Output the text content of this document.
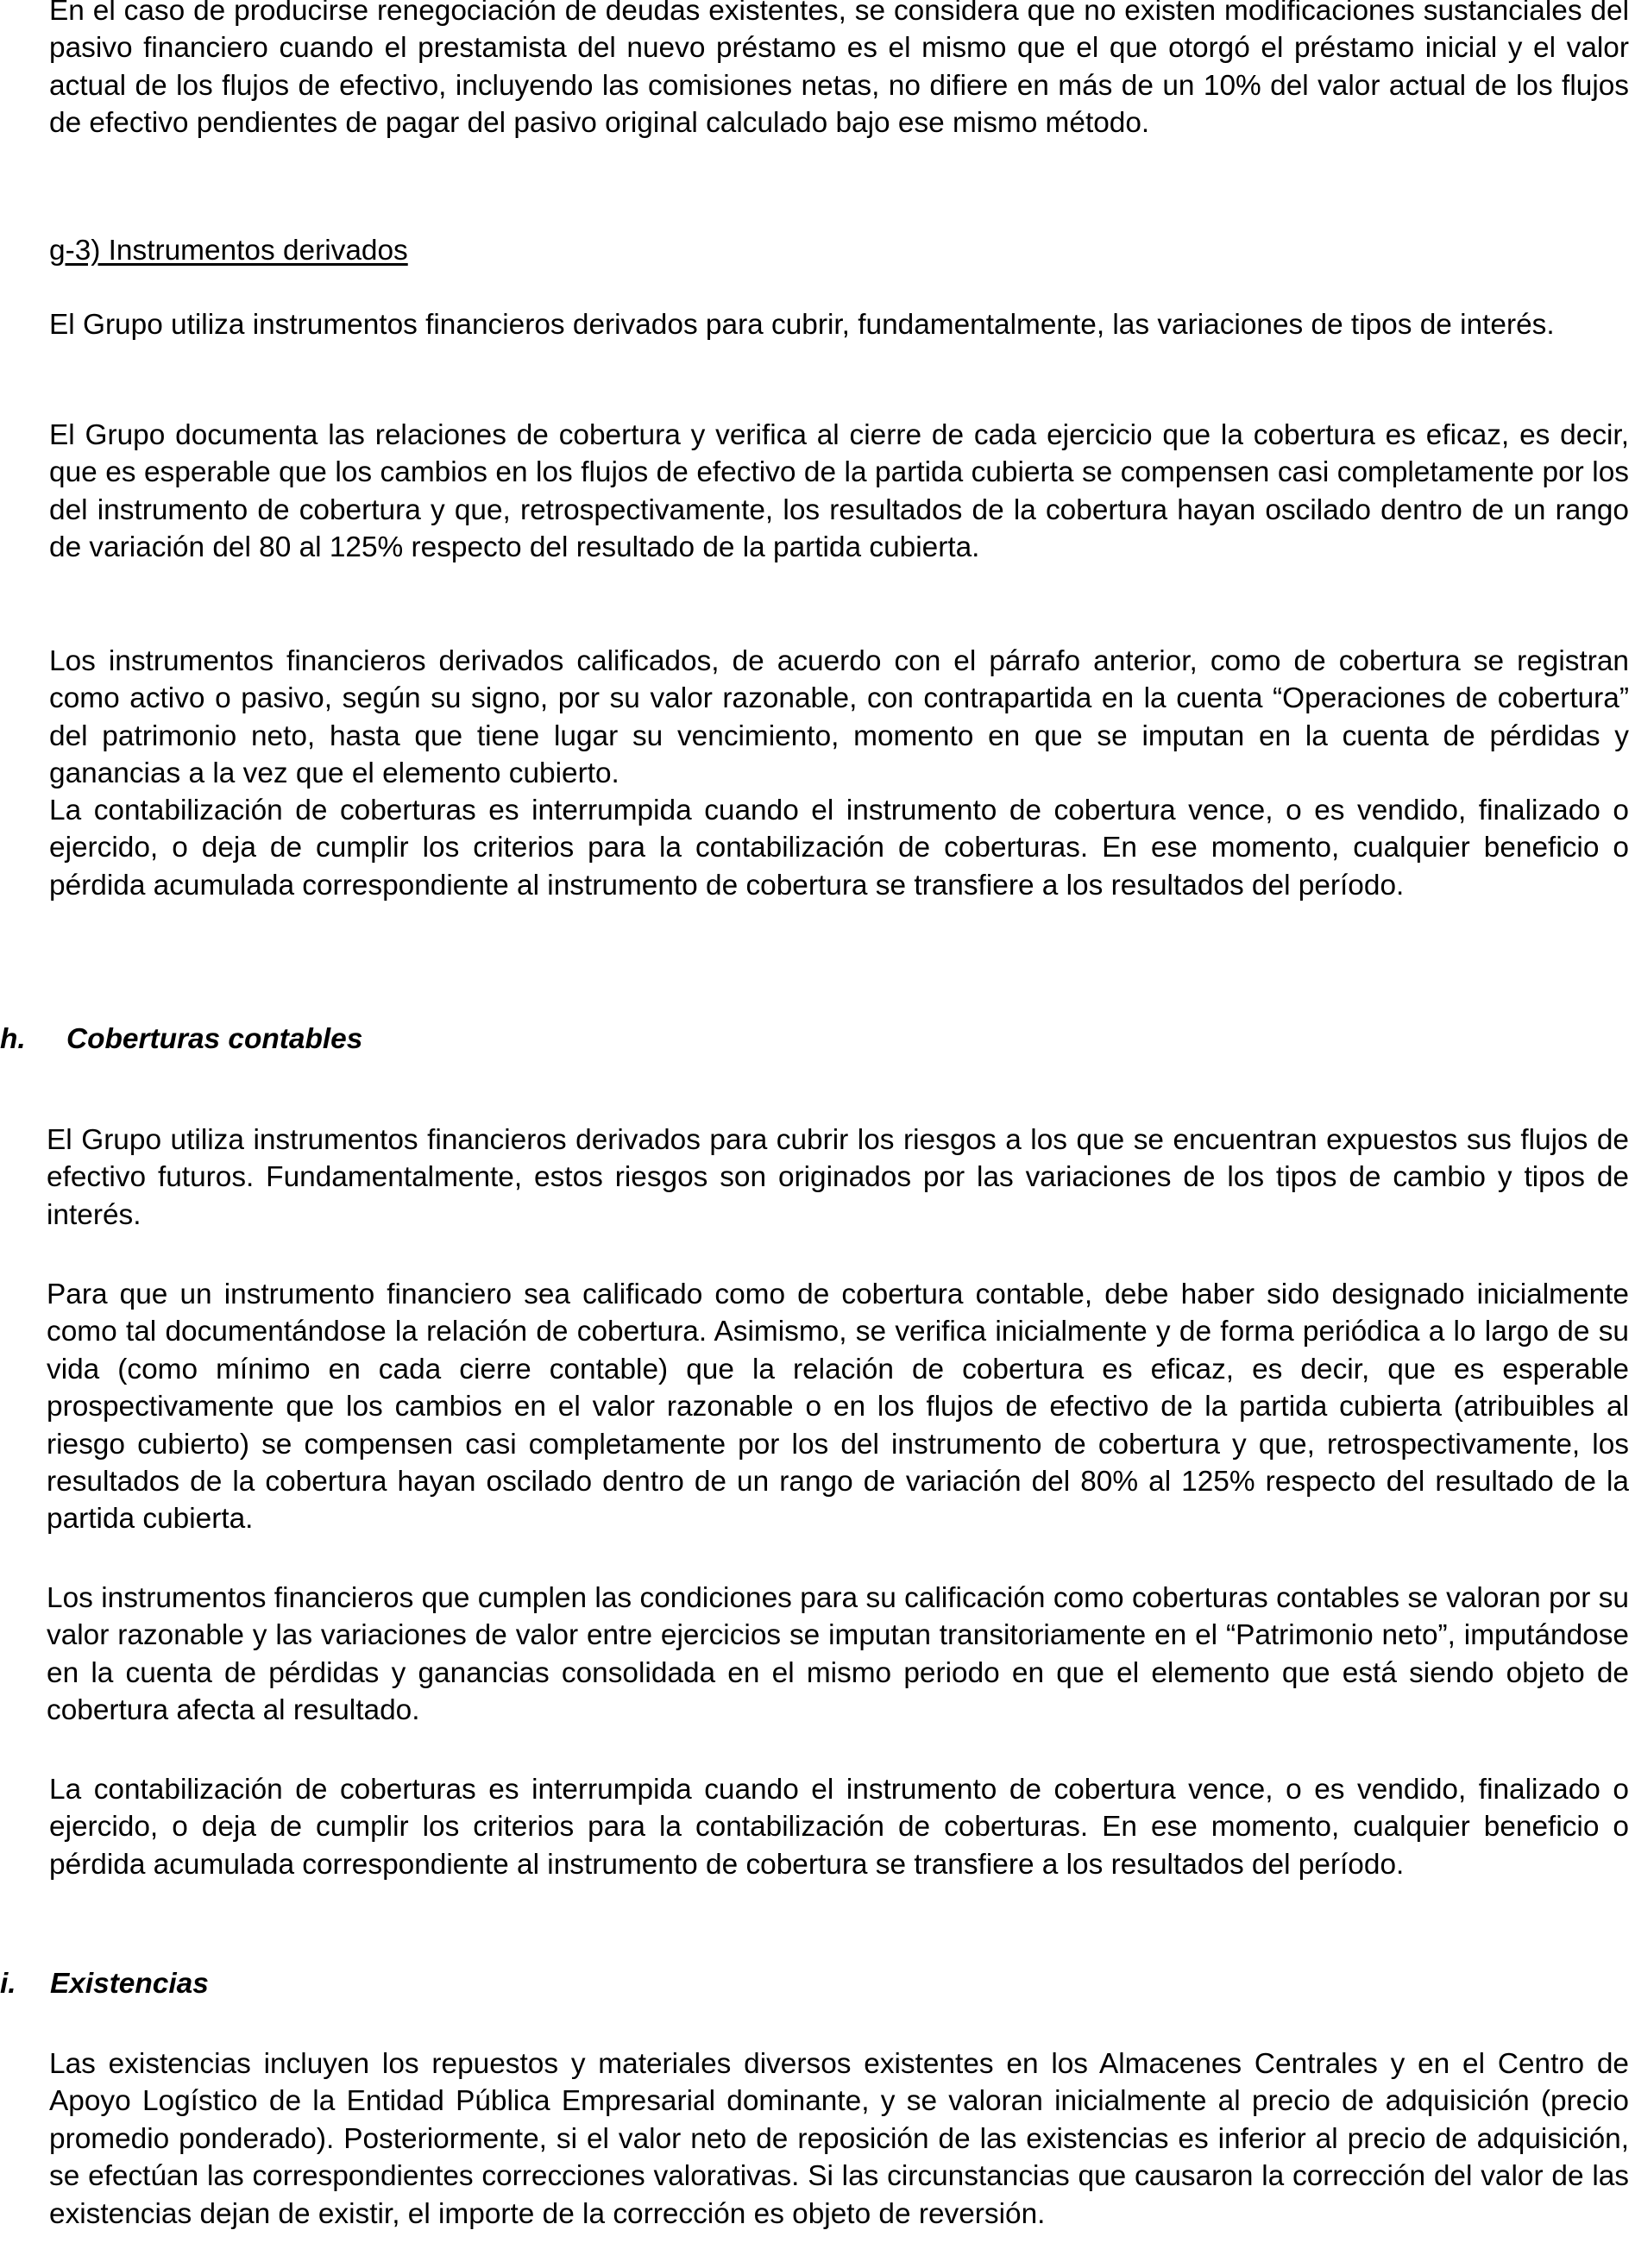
En el caso de producirse renegociación de deudas existentes, se considera que no existen modificaciones sustanciales del pasivo financiero cuando el prestamista del nuevo préstamo es el mismo que el que otorgó el préstamo inicial y el valor actual de los flujos de efectivo, incluyendo las comisiones netas, no difiere en más de un 10% del valor actual de los flujos de efectivo pendientes de pagar del pasivo original calculado bajo ese mismo método.

g-3) Instrumentos derivados

El Grupo utiliza instrumentos financieros derivados para cubrir, fundamentalmente, las variaciones de tipos de interés.

El Grupo documenta las relaciones de cobertura y verifica al cierre de cada ejercicio que la cobertura es eficaz, es decir, que es esperable que los cambios en los flujos de efectivo de la partida cubierta se compensen casi completamente por los del instrumento de cobertura y que, retrospectivamente, los resultados de la cobertura hayan oscilado dentro de un rango de variación del 80 al 125% respecto del resultado de la partida cubierta.

Los instrumentos financieros derivados calificados, de acuerdo con el párrafo anterior, como de cobertura se registran como activo o pasivo, según su signo, por su valor razonable, con contrapartida en la cuenta “Operaciones de cobertura” del patrimonio neto, hasta que tiene lugar su vencimiento, momento en que se imputan en la cuenta de pérdidas y ganancias a la vez que el elemento cubierto.

La contabilización de coberturas es interrumpida cuando el instrumento de cobertura vence, o es vendido, finalizado o ejercido, o deja de cumplir los criterios para la contabilización de coberturas. En ese momento, cualquier beneficio o pérdida acumulada correspondiente al instrumento de cobertura se transfiere a los resultados del período.

h. Coberturas contables

El Grupo utiliza instrumentos financieros derivados para cubrir los riesgos a los que se encuentran expuestos sus flujos de efectivo futuros. Fundamentalmente, estos riesgos son originados por las variaciones de los tipos de cambio y tipos de interés.

Para que un instrumento financiero sea calificado como de cobertura contable, debe haber sido designado inicialmente como tal documentándose la relación de cobertura. Asimismo, se verifica inicialmente y de forma periódica a lo largo de su vida (como mínimo en cada cierre contable) que la relación de cobertura es eficaz, es decir, que es esperable prospectivamente que los cambios en el valor razonable o en los flujos de efectivo de la partida cubierta (atribuibles al riesgo cubierto) se compensen casi completamente por los del instrumento de cobertura y que, retrospectivamente, los resultados de la cobertura hayan oscilado dentro de un rango de variación del 80% al 125% respecto del resultado de la partida cubierta.

Los instrumentos financieros que cumplen las condiciones para su calificación como coberturas contables se valoran por su valor razonable y las variaciones de valor entre ejercicios se imputan transitoriamente en el “Patrimonio neto”, imputándose en la cuenta de pérdidas y ganancias consolidada en el mismo periodo en que el elemento que está siendo objeto de cobertura afecta al resultado.

La contabilización de coberturas es interrumpida cuando el instrumento de cobertura vence, o es vendido, finalizado o ejercido, o deja de cumplir los criterios para la contabilización de coberturas. En ese momento, cualquier beneficio o pérdida acumulada correspondiente al instrumento de cobertura se transfiere a los resultados del período.

i. Existencias

Las existencias incluyen los repuestos y materiales diversos existentes en los Almacenes Centrales y en el Centro de Apoyo Logístico de la Entidad Pública Empresarial dominante, y se valoran inicialmente al precio de adquisición (precio promedio ponderado). Posteriormente, si el valor neto de reposición de las existencias es inferior al precio de adquisición, se efectúan las correspondientes correcciones valorativas. Si las circunstancias que causaron la corrección del valor de las existencias dejan de existir, el importe de la corrección es objeto de reversión.
